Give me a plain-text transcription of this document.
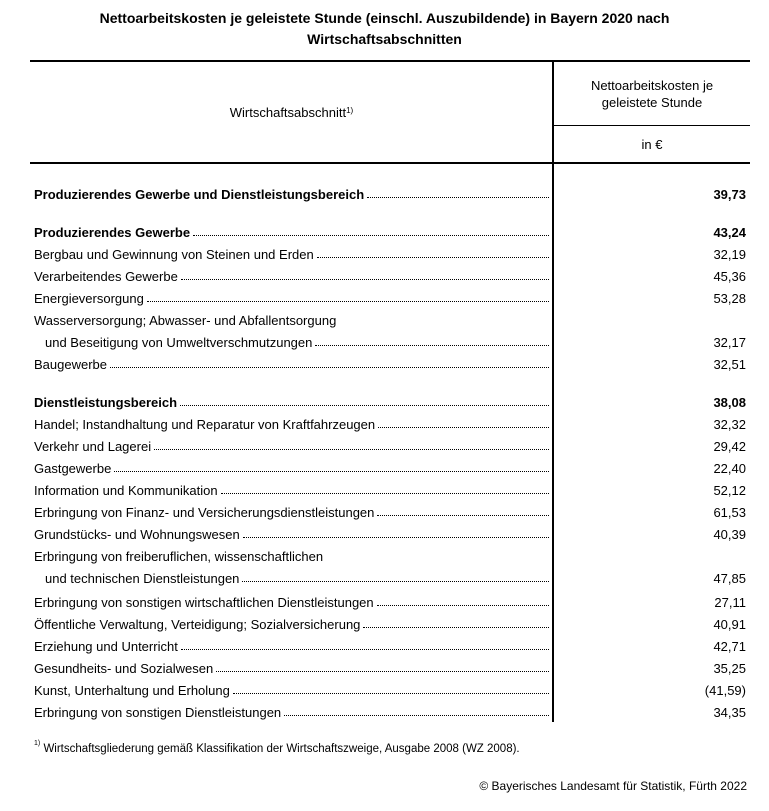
Nettoarbeitskosten je geleistete Stunde (einschl. Auszubildende) in Bayern 2020 nach
Wirtschaftsabschnitten
Wirtschaftsabschnitt$^{1)}$
Nettoarbeitskosten je
geleistete Stunde
in €
Produzierendes Gewerbe und Dienstleistungsbereich	39,73
Produzierendes Gewerbe	43,24
Bergbau und Gewinnung von Steinen und Erden	32,19
Verarbeitendes Gewerbe	45,36
Energieversorgung	53,28
Wasserversorgung; Abwasser- und Abfallentsorgung
und Beseitigung von Umweltverschmutzungen	32,17
Baugewerbe	32,51
Dienstleistungsbereich	38,08
Handel; Instandhaltung und Reparatur von Kraftfahrzeugen	32,32
Verkehr und Lagerei	29,42
Gastgewerbe	22,40
Information und Kommunikation	52,12
Erbringung von Finanz- und Versicherungsdienstleistungen	61,53
Grundstücks- und Wohnungswesen	40,39
Erbringung von freiberuflichen, wissenschaftlichen
und technischen Dienstleistungen	47,85
Erbringung von sonstigen wirtschaftlichen Dienstleistungen	27,11
Öffentliche Verwaltung, Verteidigung; Sozialversicherung	40,91
Erziehung und Unterricht	42,71
Gesundheits- und Sozialwesen	35,25
Kunst, Unterhaltung und Erholung	(41,59)
Erbringung von sonstigen Dienstleistungen	34,35
$^{1)}$ Wirtschaftsgliederung gemäß Klassifikation der Wirtschaftszweige, Ausgabe 2008 (WZ 2008).
© Bayerisches Landesamt für Statistik, Fürth 2022
